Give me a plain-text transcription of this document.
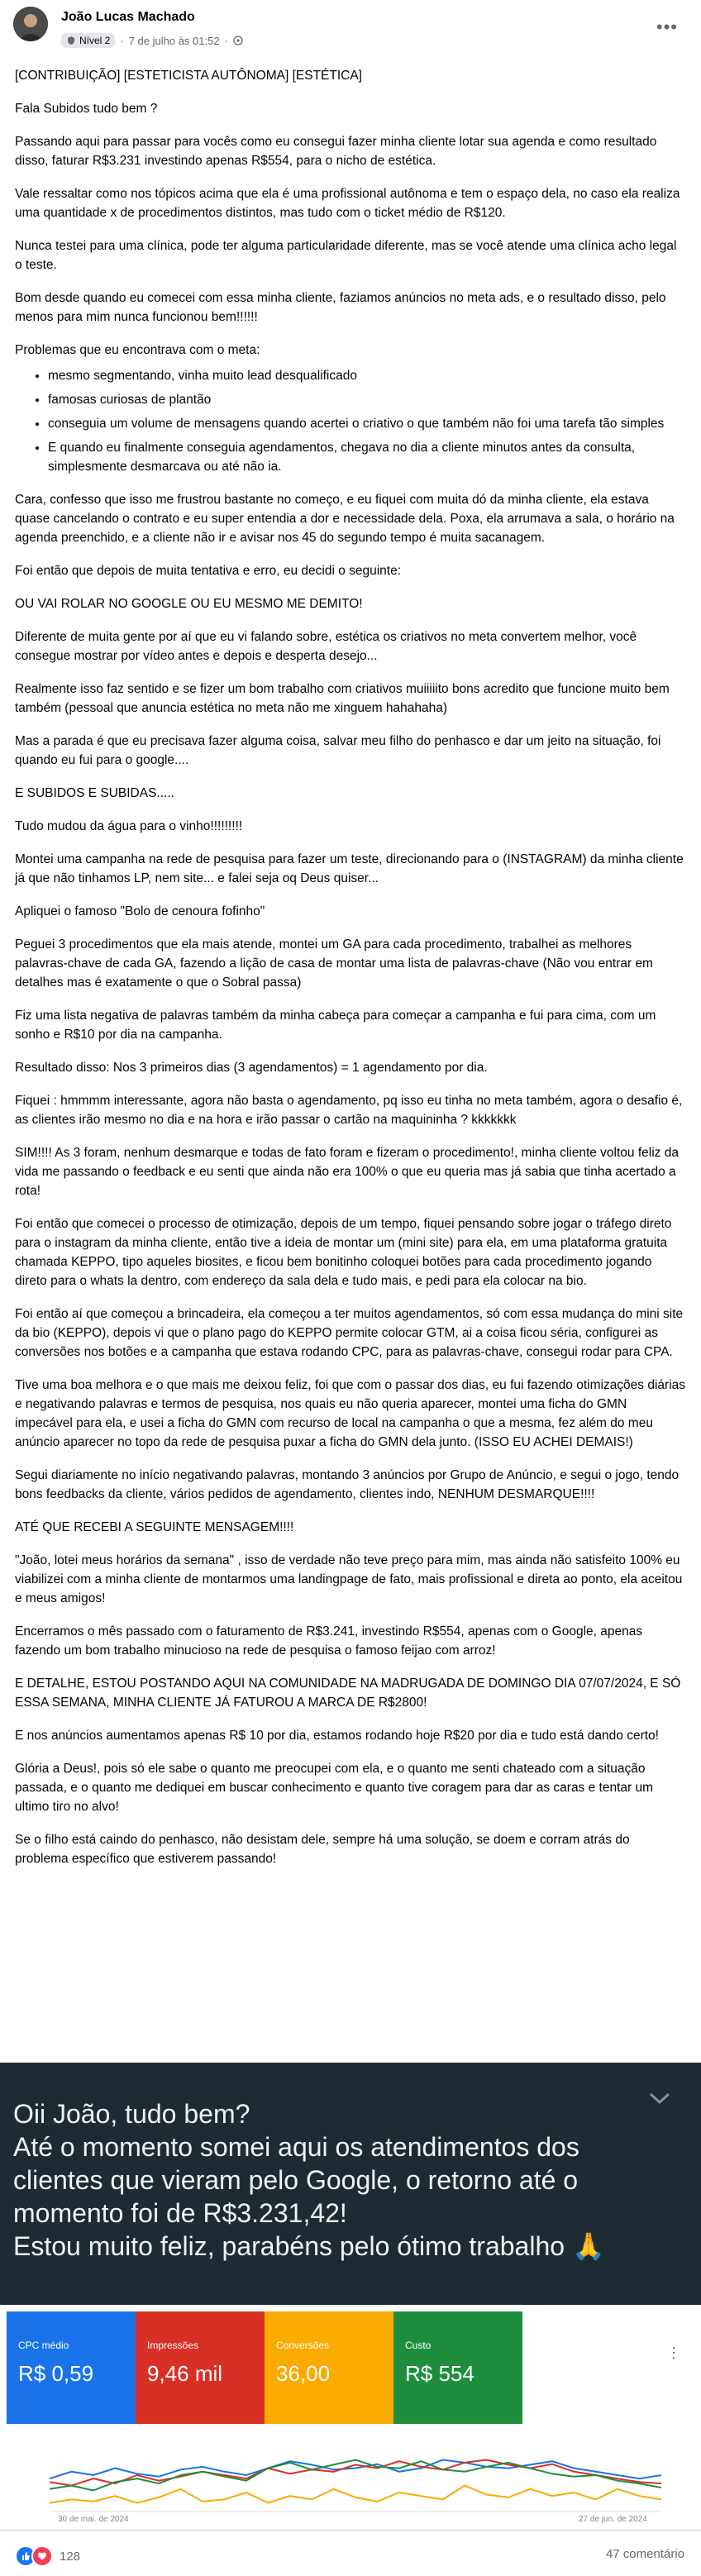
João Lucas Machado
Nível 2 · 7 de julho às 01:52 ·
•••

[CONTRIBUIÇÃO] [ESTETICISTA AUTÔNOMA] [ESTÉTICA]

Fala Subidos tudo bem ?

Passando aqui para passar para vocês como eu consegui fazer minha cliente lotar sua agenda e como resultado disso, faturar R$3.231 investindo apenas R$554, para o nicho de estética.

Vale ressaltar como nos tópicos acima que ela é uma profissional autônoma e tem o espaço dela, no caso ela realiza uma quantidade x de procedimentos distintos, mas tudo com o ticket médio de R$120.

Nunca testei para uma clínica, pode ter alguma particularidade diferente, mas se você atende uma clínica acho legal o teste.

Bom desde quando eu comecei com essa minha cliente, faziamos anúncios no meta ads, e o resultado disso, pelo menos para mim nunca funcionou bem!!!!!!

Problemas que eu encontrava com o meta:

• mesmo segmentando, vinha muito lead desqualificado
• famosas curiosas de plantão
• conseguia um volume de mensagens quando acertei o criativo o que também não foi uma tarefa tão simples
• E quando eu finalmente conseguia agendamentos, chegava no dia a cliente minutos antes da consulta, simplesmente desmarcava ou até não ia.

Cara, confesso que isso me frustrou bastante no começo, e eu fiquei com muita dó da minha cliente, ela estava quase cancelando o contrato e eu super entendia a dor e necessidade dela. Poxa, ela arrumava a sala, o horário na agenda preenchido, e a cliente não ir e avisar nos 45 do segundo tempo é muita sacanagem.

Foi então que depois de muita tentativa e erro, eu decidi o seguinte:

OU VAI ROLAR NO GOOGLE OU EU MESMO ME DEMITO!

Diferente de muita gente por aí que eu vi falando sobre, estética os criativos no meta convertem melhor, você consegue mostrar por vídeo antes e depois e desperta desejo...

Realmente isso faz sentido e se fizer um bom trabalho com criativos muiiiiito bons acredito que funcione muito bem também (pessoal que anuncia estética no meta não me xinguem hahahaha)

Mas a parada é que eu precisava fazer alguma coisa, salvar meu filho do penhasco e dar um jeito na situação, foi quando eu fui para o google....

E SUBIDOS E SUBIDAS.....

Tudo mudou da água para o vinho!!!!!!!!!

Montei uma campanha na rede de pesquisa para fazer um teste, direcionando para o (INSTAGRAM) da minha cliente já que não tinhamos LP, nem site... e falei seja oq Deus quiser...

Apliquei o famoso "Bolo de cenoura fofinho"

Peguei 3 procedimentos que ela mais atende, montei um GA para cada procedimento, trabalhei as melhores palavras-chave de cada GA, fazendo a lição de casa de montar uma lista de palavras-chave (Não vou entrar em detalhes mas é exatamente o que o Sobral passa)

Fiz uma lista negativa de palavras também da minha cabeça para começar a campanha e fui para cima, com um sonho e R$10 por dia na campanha.

Resultado disso: Nos 3 primeiros dias (3 agendamentos) = 1 agendamento por dia.

Fiquei : hmmmm interessante, agora não basta o agendamento, pq isso eu tinha no meta também, agora o desafio é, as clientes irão mesmo no dia e na hora e irão passar o cartão na maquininha ? kkkkkkk

SIM!!!! As 3 foram, nenhum desmarque e todas de fato foram e fizeram o procedimento!, minha cliente voltou feliz da vida me passando o feedback e eu senti que ainda não era 100% o que eu queria mas já sabia que tinha acertado a rota!

Foi então que comecei o processo de otimização, depois de um tempo, fiquei pensando sobre jogar o tráfego direto para o instagram da minha cliente, então tive a ideia de montar um (mini site) para ela, em uma plataforma gratuita chamada KEPPO, tipo aqueles biosites, e ficou bem bonitinho coloquei botões para cada procedimento jogando direto para o whats la dentro, com endereço da sala dela e tudo mais, e pedi para ela colocar na bio.

Foi então aí que começou a brincadeira, ela começou a ter muitos agendamentos, só com essa mudança do mini site da bio (KEPPO), depois vi que o plano pago do KEPPO permite colocar GTM, ai a coisa ficou séria, configurei as conversões nos botões e a campanha que estava rodando CPC, para as palavras-chave, consegui rodar para CPA.

Tive uma boa melhora e o que mais me deixou feliz, foi que com o passar dos dias, eu fui fazendo otimizações diárias e negativando palavras e termos de pesquisa, nos quais eu não queria aparecer, montei uma ficha do GMN impecável para ela, e usei a ficha do GMN com recurso de local na campanha o que a mesma, fez além do meu anúncio aparecer no topo da rede de pesquisa puxar a ficha do GMN dela junto. (ISSO EU ACHEI DEMAIS!)

Segui diariamente no início negativando palavras, montando 3 anúncios por Grupo de Anúncio, e segui o jogo, tendo bons feedbacks da cliente, vários pedidos de agendamento, clientes indo, NENHUM DESMARQUE!!!!

ATÉ QUE RECEBI A SEGUINTE MENSAGEM!!!!

"João, lotei meus horários da semana" , isso de verdade não teve preço para mim, mas ainda não satisfeito 100% eu viabilizei com a minha cliente de montarmos uma landingpage de fato, mais profissional e direta ao ponto, ela aceitou e meus amigos!

Encerramos o mês passado com o faturamento de R$3.241, investindo R$554, apenas com o Google, apenas fazendo um bom trabalho minucioso na rede de pesquisa o famoso feijao com arroz!

E DETALHE, ESTOU POSTANDO AQUI NA COMUNIDADE NA MADRUGADA DE DOMINGO DIA 07/07/2024, E SÓ ESSA SEMANA, MINHA CLIENTE JÁ FATUROU A MARCA DE R$2800!

E nos anúncios aumentamos apenas R$ 10 por dia, estamos rodando hoje R$20 por dia e tudo está dando certo!

Glória a Deus!, pois só ele sabe o quanto me preocupei com ela, e o quanto me senti chateado com a situação passada, e o quanto me dediquei em buscar conhecimento e quanto tive coragem para dar as caras e tentar um ultimo tiro no alvo!

Se o filho está caindo do penhasco, não desistam dele, sempre há uma solução, se doem e corram atrás do problema específico que estiverem passando!

Oii João, tudo bem?
Até o momento somei aqui os atendimentos dos
clientes que vieram pelo Google, o retorno até o
momento foi de R$3.231,42!
Estou muito feliz, parabéns pelo ótimo trabalho 🙏
CPC médio
R$ 0,59
Impressões
9,46 mil
Conversões
36,00
Custo
R$ 554
⋮
30 de mai. de 2024	27 de jun. de 2024
128	47 comentário
